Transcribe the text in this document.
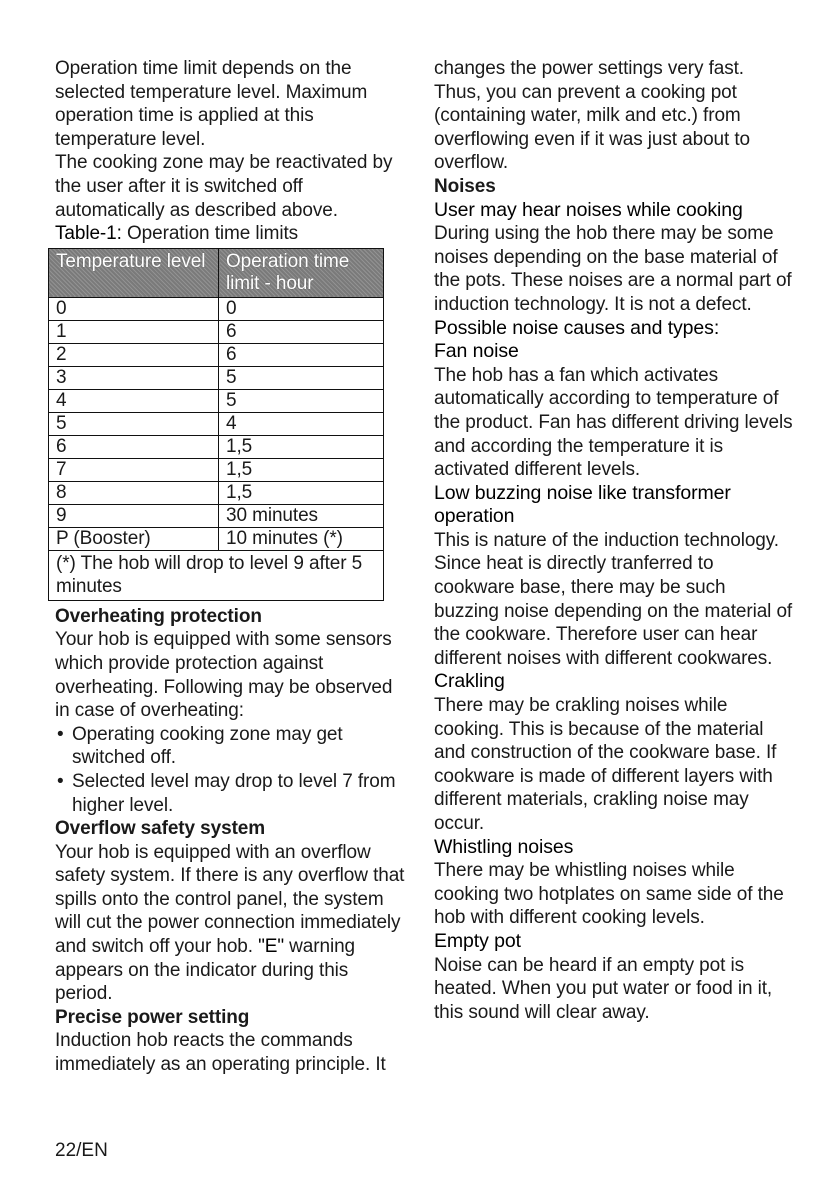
Operation time limit depends on the selected temperature level. Maximum operation time is applied at this temperature level.

The cooking zone may be reactivated by the user after it is switched off automatically as described above.

Table-1: Operation time limits

Temperature level	Operation time limit - hour
0	0
1	6
2	6
3	5
4	5
5	4
6	1,5
7	1,5
8	1,5
9	30 minutes
P (Booster)	10 minutes (*)
(*) The hob will drop to level 9 after 5 minutes	

Overheating protection

Your hob is equipped with some sensors which provide protection against overheating. Following may be observed in case of overheating:

• Operating cooking zone may get switched off.
• Selected level may drop to level 7 from higher level.

Overflow safety system

Your hob is equipped with an overflow safety system. If there is any overflow that spills onto the control panel, the system will cut the power connection immediately and switch off your hob. "E" warning appears on the indicator during this period.

Precise power setting

Induction hob reacts the commands immediately as an operating principle. It

changes the power settings very fast. Thus, you can prevent a cooking pot (containing water, milk and etc.) from overflowing even if it was just about to overflow.

Noises

User may hear noises while cooking

During using the hob there may be some noises depending on the base material of the pots. These noises are a normal part of induction technology. It is not a defect.

Possible noise causes and types:

Fan noise

The hob has a fan which activates automatically according to temperature of the product. Fan has different driving levels and according the temperature it is activated different levels.

Low buzzing noise like transformer operation

This is nature of the induction technology. Since heat is directly tranferred to cookware base, there may be such buzzing noise depending on the material of the cookware. Therefore user can hear different noises with different cookwares.

Crakling

There may be crakling noises while cooking. This is because of the material and construction of the cookware base. If cookware is made of different layers with different materials, crakling noise may occur.

Whistling noises

There may be whistling noises while cooking two hotplates on same side of the hob with different cooking levels.

Empty pot

Noise can be heard if an empty pot is heated. When you put water or food in it, this sound will clear away.

22/EN
